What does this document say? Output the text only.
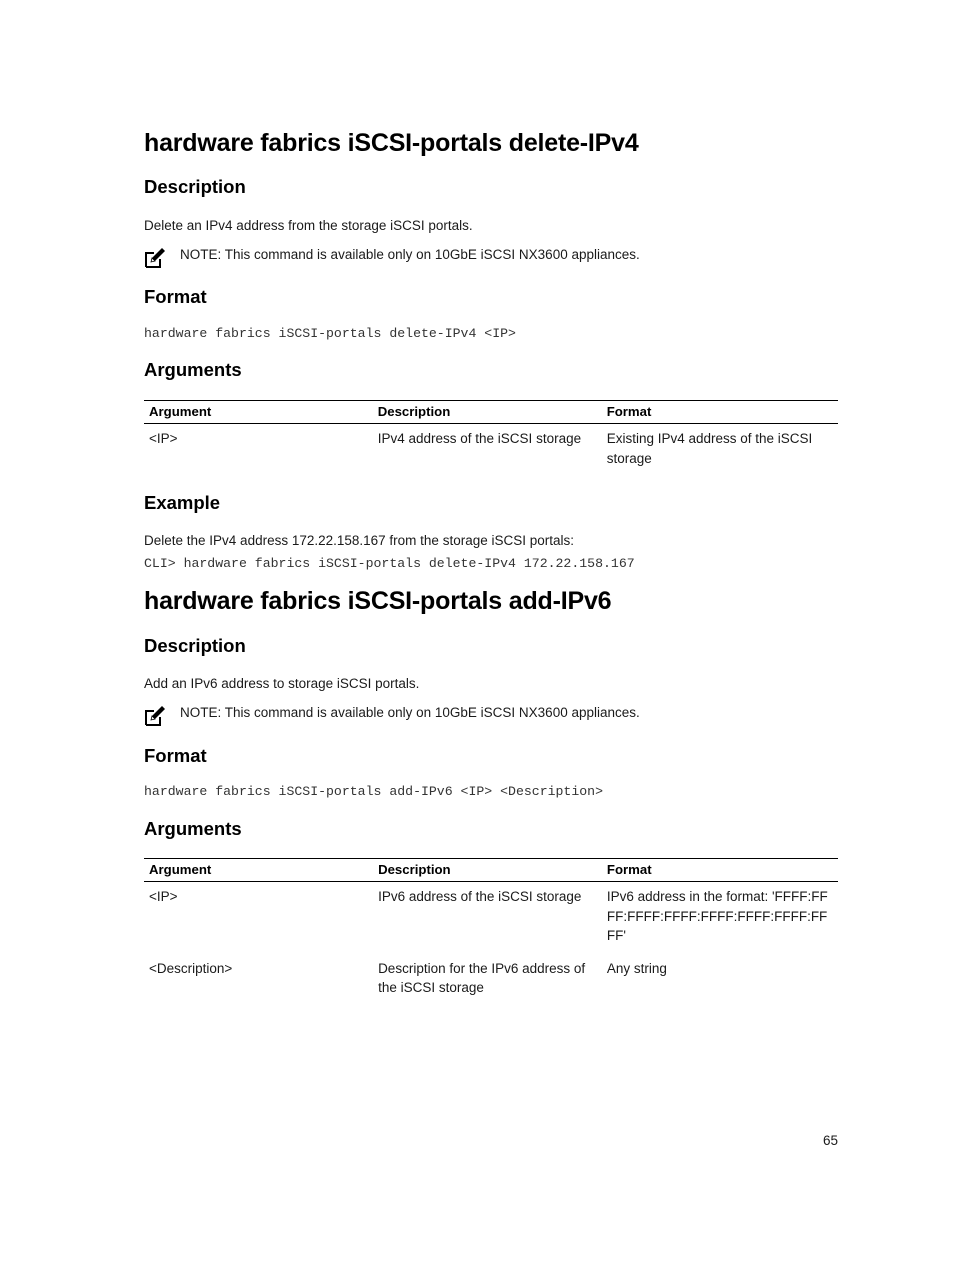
hardware fabrics iSCSI-portals delete-IPv4
Description

Delete an IPv4 address from the storage iSCSI portals.

NOTE: This command is available only on 10GbE iSCSI NX3600 appliances.
Format

hardware fabrics iSCSI-portals delete-IPv4 <IP>

Arguments
Argument	Description	Format
<IP>	IPv4 address of the iSCSI storage	Existing IPv4 address of the iSCSI storage
Example

Delete the IPv4 address 172.22.158.167 from the storage iSCSI portals:

CLI> hardware fabrics iSCSI-portals delete-IPv4 172.22.158.167

hardware fabrics iSCSI-portals add-IPv6
Description

Add an IPv6 address to storage iSCSI portals.

NOTE: This command is available only on 10GbE iSCSI NX3600 appliances.
Format

hardware fabrics iSCSI-portals add-IPv6 <IP> <Description>

Arguments
Argument	Description	Format
<IP>	IPv6 address of the iSCSI storage	IPv6 address in the format: 'FFFF:FFFF:FFFF:FFFF:FFFF:FFFF:FFFF:FFFF'
<Description>	Description for the IPv6 address of the iSCSI storage	Any string
65
